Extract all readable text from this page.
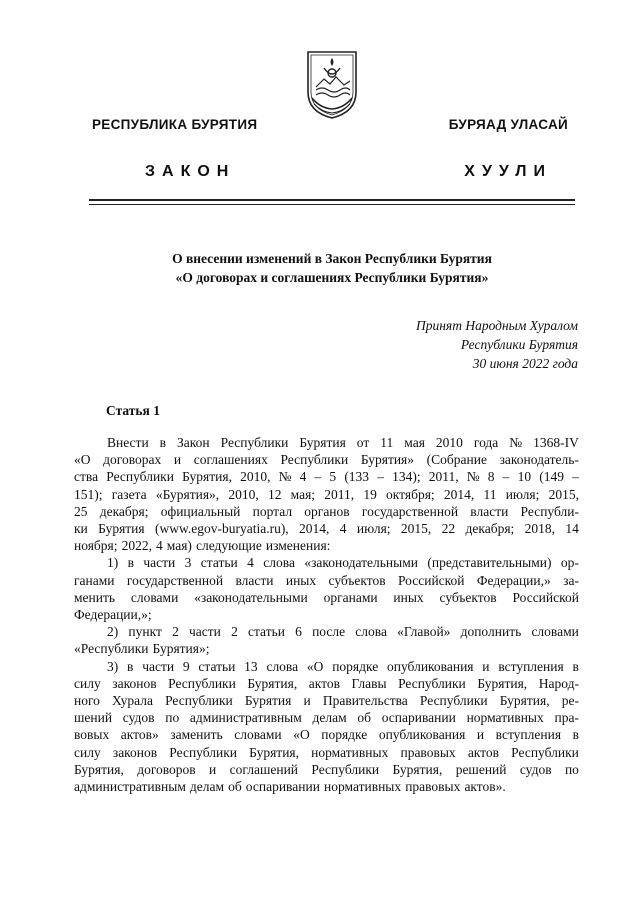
РЕСПУБЛИКА БУРЯТИЯ	БУРЯАД УЛАСАЙ
ЗАКОН	ХУУЛИ
О внесении изменений в Закон Республики Бурятия
«О договорах и соглашениях Республики Бурятия»
Принят Народным Хуралом
Республики Бурятия
30 июня 2022 года
Статья 1
Внести в Закон Республики Бурятия от 11 мая 2010 года № 1368-IV
«О договорах и соглашениях Республики Бурятия» (Собрание законодатель-
ства Республики Бурятия, 2010, № 4 – 5 (133 – 134); 2011, № 8 – 10 (149 –
151); газета «Бурятия», 2010, 12 мая; 2011, 19 октября; 2014, 11 июля; 2015,
25 декабря; официальный портал органов государственной власти Республи-
ки Бурятия (www.egov-buryatia.ru), 2014, 4 июля; 2015, 22 декабря; 2018, 14
ноября; 2022, 4 мая) следующие изменения:
1) в части 3 статьи 4 слова «законодательными (представительными) ор-
ганами государственной власти иных субъектов Российской Федерации,» за-
менить словами «законодательными органами иных субъектов Российской
Федерации,»;
2) пункт 2 части 2 статьи 6 после слова «Главой» дополнить словами
«Республики Бурятия»;
3) в части 9 статьи 13 слова «О порядке опубликования и вступления в
силу законов Республики Бурятия, актов Главы Республики Бурятия, Народ-
ного Хурала Республики Бурятия и Правительства Республики Бурятия, ре-
шений судов по административным делам об оспаривании нормативных пра-
вовых актов» заменить словами «О порядке опубликования и вступления в
силу законов Республики Бурятия, нормативных правовых актов Республики
Бурятия, договоров и соглашений Республики Бурятия, решений судов по
административным делам об оспаривании нормативных правовых актов».
